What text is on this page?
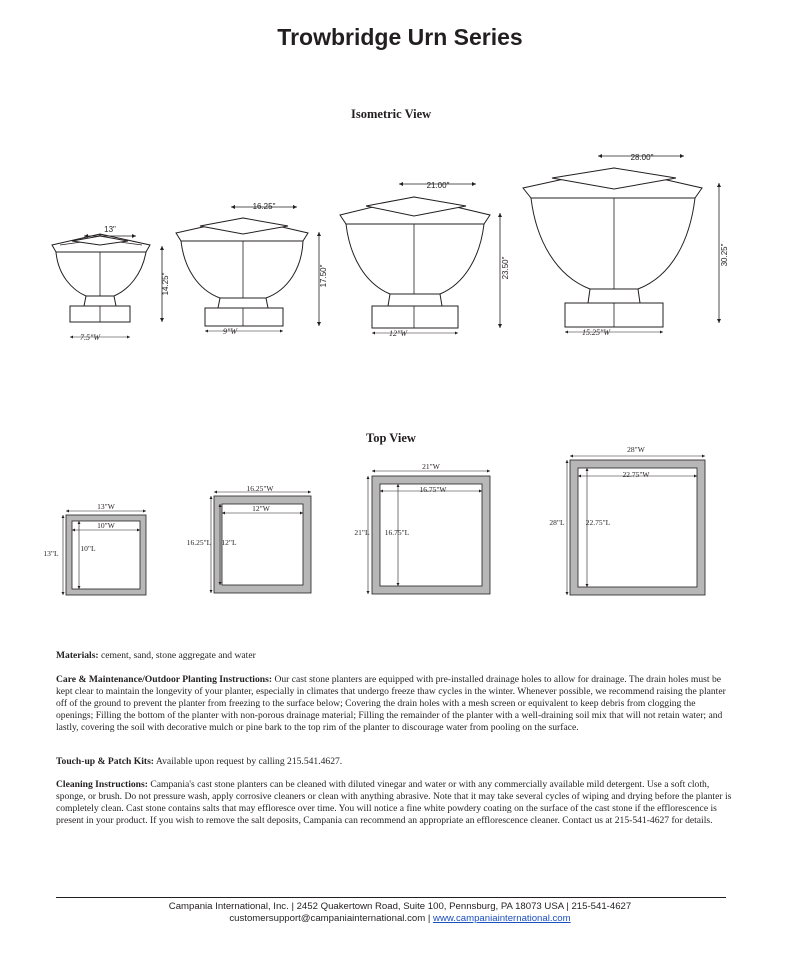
Trowbridge Urn Series
Isometric View
Top View
13"
14.25"
7.5"W
16.25"
17.50"
9"W
21.00"
23.50"
12"W
28.00"
30.25"
15.25"W
13"W
10"W
13"L
10"L
16.25"W
12"W
16.25"L 12"L
21"W
16.75"W
21"L 16.75"L
28"W
22.75"W
28"L	22.75"L
Materials: cement, sand, stone aggregate and water
Care & Maintenance/Outdoor Planting Instructions: Our cast stone planters are equipped with pre-installed drainage holes to allow for drainage. The drain holes must be kept clear to maintain the longevity of your planter, especially in climates that undergo freeze thaw cycles in the winter. Whenever possible, we recommend raising the planter off of the ground to prevent the planter from freezing to the surface below; Covering the drain holes with a mesh screen or equivalent to keep debris from clogging the openings; Filling the bottom of the planter with non-porous drainage material; Filling the remainder of the planter with a well-draining soil mix that will not retain water; and lastly, covering the soil with decorative mulch or pine bark to the top rim of the planter to discourage water from pooling on the surface.
Touch-up & Patch Kits: Available upon request by calling 215.541.4627.
Cleaning Instructions: Campania's cast stone planters can be cleaned with diluted vinegar and water or with any commercially available mild detergent. Use a soft cloth, sponge, or brush. Do not pressure wash, apply corrosive cleaners or clean with anything abrasive. Note that it may take several cycles of wiping and drying before the planter is completely clean. Cast stone contains salts that may effloresce over time. You will notice a fine white powdery coating on the surface of the cast stone if the efflorescence is present in your product. If you wish to remove the salt deposits, Campania can recommend an appropriate an efflorescence cleaner. Contact us at 215-541-4627 for details.
Campania International, Inc. | 2452 Quakertown Road, Suite 100, Pennsburg, PA 18073 USA | 215-541-4627
customersupport@campaniainternational.com | www.campaniainternational.com
